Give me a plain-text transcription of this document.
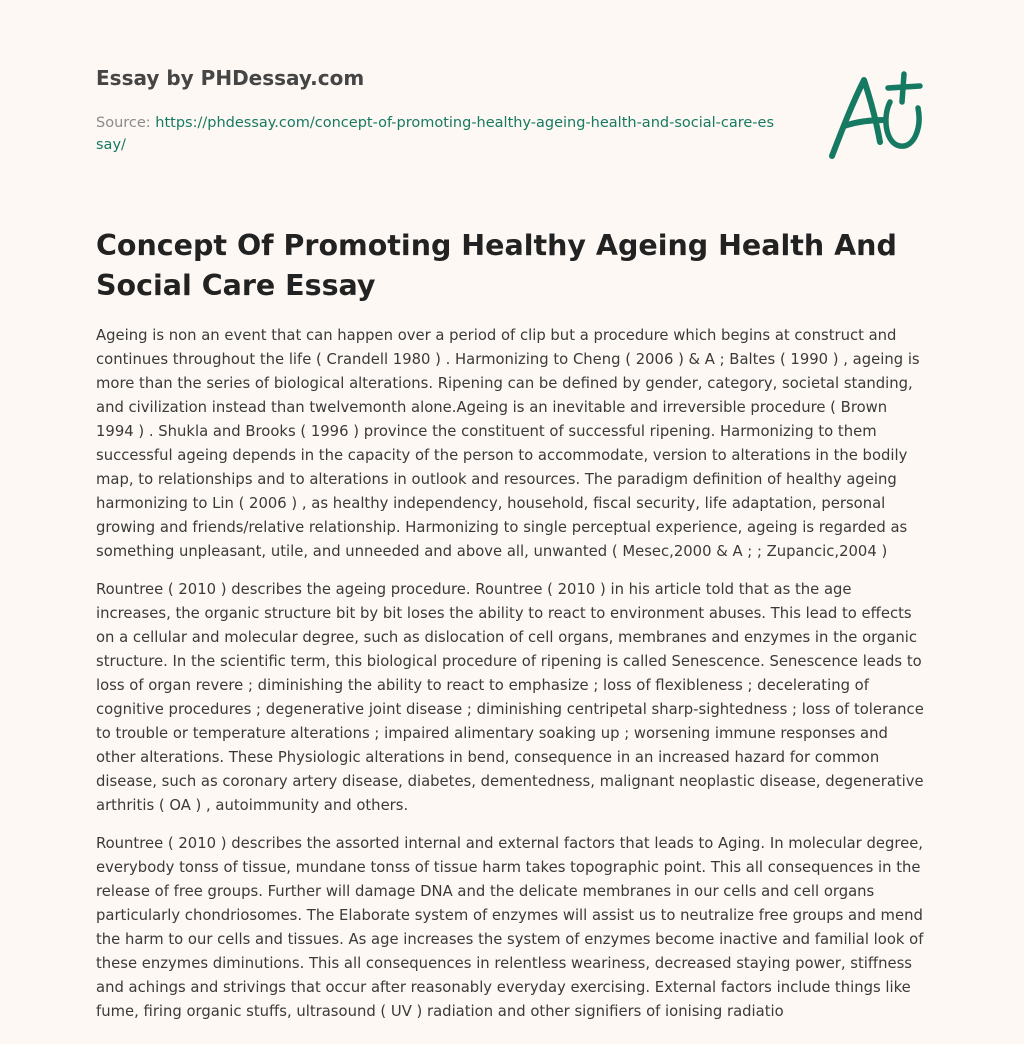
Essay by PHDessay.com
Source: https://phdessay.com/concept-of-promoting-healthy-ageing-health-and-social-care-essay/
Concept Of Promoting Healthy Ageing Health And Social Care Essay

Ageing is non an event that can happen over a period of clip but a procedure which begins at construct and continues throughout the life ( Crandell 1980 ) . Harmonizing to Cheng ( 2006 ) & A ; Baltes ( 1990 ) , ageing is more than the series of biological alterations. Ripening can be defined by gender, category, societal standing, and civilization instead than twelvemonth alone.Ageing is an inevitable and irreversible procedure ( Brown 1994 ) . Shukla and Brooks ( 1996 ) province the constituent of successful ripening. Harmonizing to them successful ageing depends in the capacity of the person to accommodate, version to alterations in the bodily map, to relationships and to alterations in outlook and resources. The paradigm definition of healthy ageing harmonizing to Lin ( 2006 ) , as healthy independency, household, fiscal security, life adaptation, personal growing and friends/relative relationship. Harmonizing to single perceptual experience, ageing is regarded as something unpleasant, utile, and unneeded and above all, unwanted ( Mesec,2000 & A ; ; Zupancic,2004 )

Rountree ( 2010 ) describes the ageing procedure. Rountree ( 2010 ) in his article told that as the age increases, the organic structure bit by bit loses the ability to react to environment abuses. This lead to effects on a cellular and molecular degree, such as dislocation of cell organs, membranes and enzymes in the organic structure. In the scientific term, this biological procedure of ripening is called Senescence. Senescence leads to loss of organ revere ; diminishing the ability to react to emphasize ; loss of flexibleness ; decelerating of cognitive procedures ; degenerative joint disease ; diminishing centripetal sharp-sightedness ; loss of tolerance to trouble or temperature alterations ; impaired alimentary soaking up ; worsening immune responses and other alterations. These Physiologic alterations in bend, consequence in an increased hazard for common disease, such as coronary artery disease, diabetes, dementedness, malignant neoplastic disease, degenerative arthritis ( OA ) , autoimmunity and others.

Rountree ( 2010 ) describes the assorted internal and external factors that leads to Aging. In molecular degree, everybody tonss of tissue, mundane tonss of tissue harm takes topographic point. This all consequences in the release of free groups. Further will damage DNA and the delicate membranes in our cells and cell organs particularly chondriosomes. The Elaborate system of enzymes will assist us to neutralize free groups and mend the harm to our cells and tissues. As age increases the system of enzymes become inactive and familial look of these enzymes diminutions. This all consequences in relentless weariness, decreased staying power, stiffness and achings and strivings that occur after reasonably everyday exercising. External factors include things like fume, firing organic stuffs, ultrasound ( UV ) radiation and other signifiers of ionising radiatio
